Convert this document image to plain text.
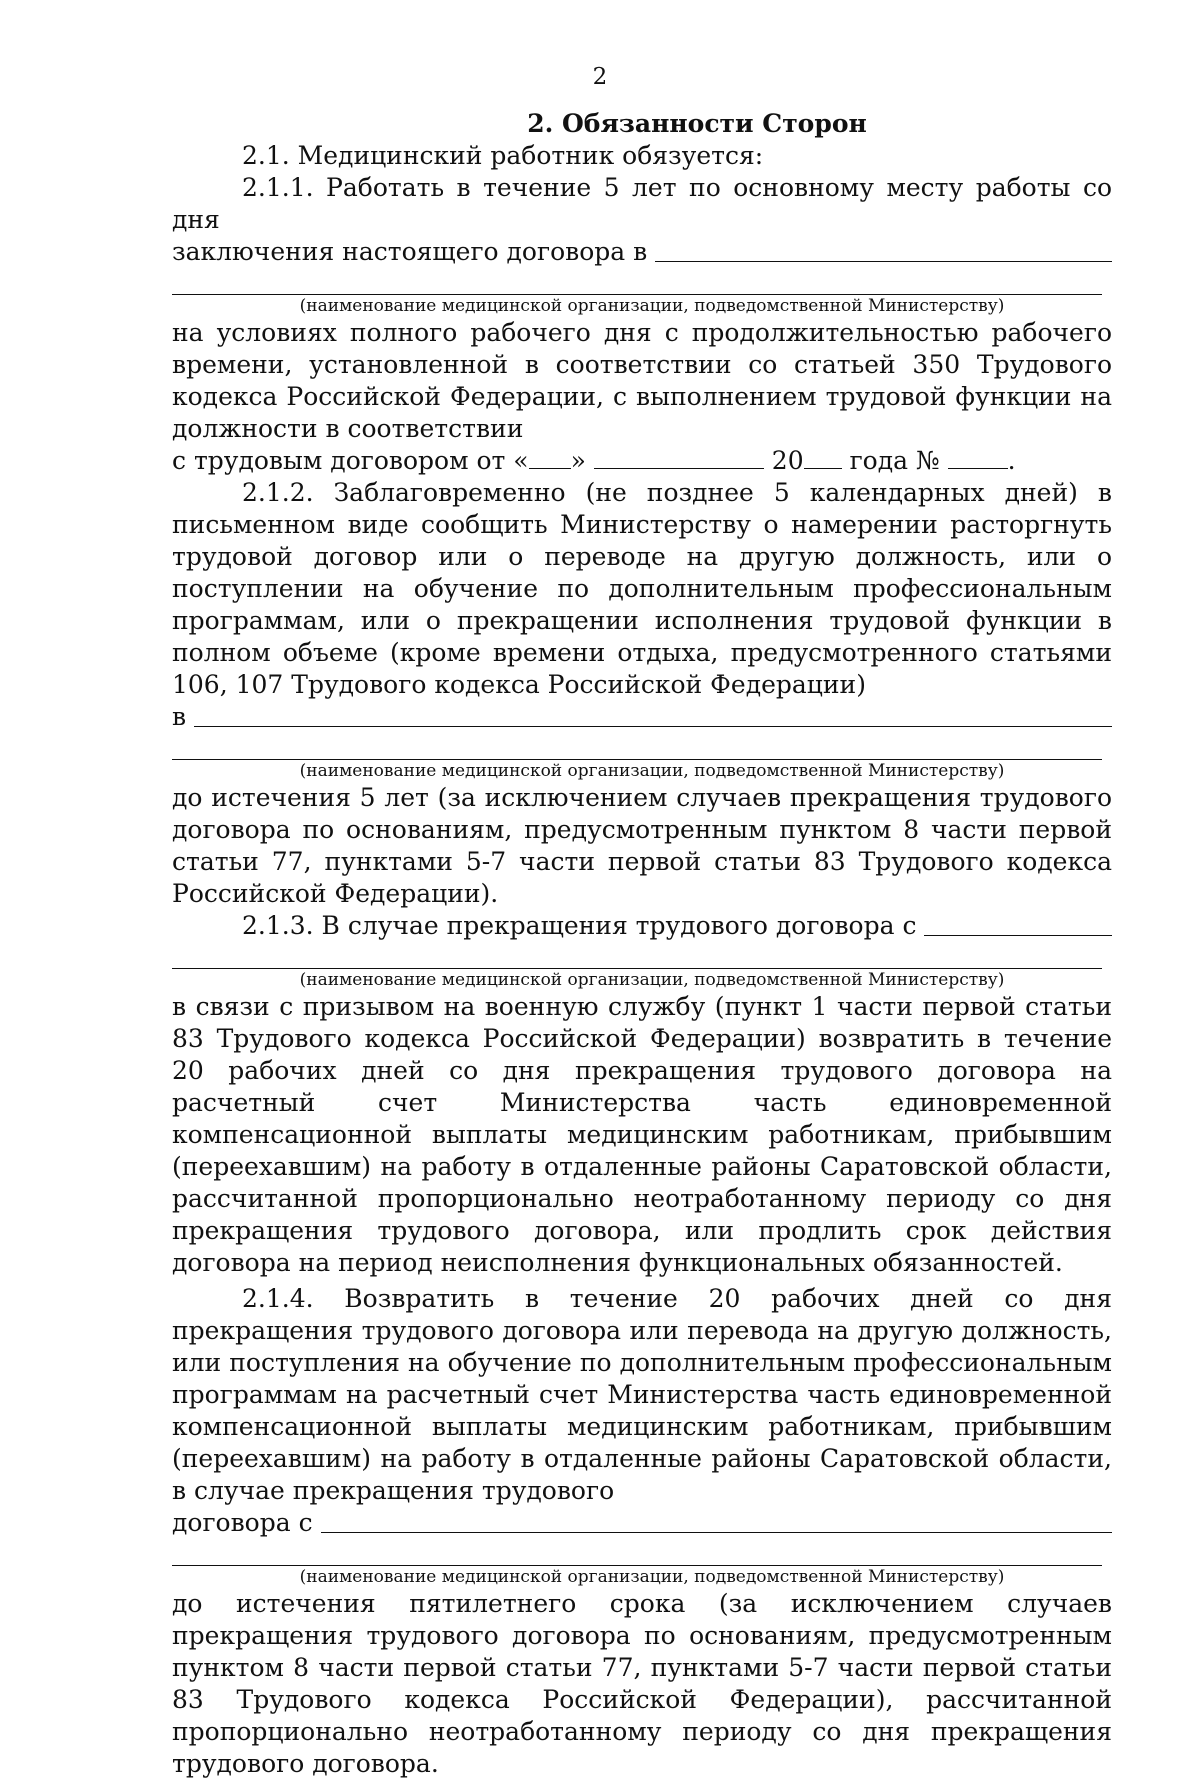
2
2. Обязанности Сторон

2.1. Медицинский работник обязуется:

2.1.1. Работать в течение 5 лет по основному месту работы со дня

заключения настоящего договора в
(наименование медицинской организации, подведомственной Министерству)

на условиях полного рабочего дня с продолжительностью рабочего времени, установленной в соответствии со статьей 350 Трудового кодекса Российской Федерации, с выполнением трудовой функции на должности в соответствии

с трудовым договором от « »	20 года №	.

2.1.2. Заблаговременно (не позднее 5 календарных дней) в письменном виде сообщить Министерству о намерении расторгнуть трудовой договор или о переводе на другую должность, или о поступлении на обучение по дополнительным профессиональным программам, или о прекращении исполнения трудовой функции в полном объеме (кроме времени отдыха, предусмотренного статьями 106, 107 Трудового кодекса Российской Федерации)

в
(наименование медицинской организации, подведомственной Министерству)

до истечения 5 лет (за исключением случаев прекращения трудового договора по основаниям, предусмотренным пунктом 8 части первой статьи 77, пунктами 5-7 части первой статьи 83 Трудового кодекса Российской Федерации).

2.1.3. В случае прекращения трудового договора с
(наименование медицинской организации, подведомственной Министерству)

в связи с призывом на военную службу (пункт 1 части первой статьи 83 Трудового кодекса Российской Федерации) возвратить в течение 20 рабочих дней со дня прекращения трудового договора на расчетный счет Министерства часть единовременной компенсационной выплаты медицинским работникам, прибывшим (переехавшим) на работу в отдаленные районы Саратовской области, рассчитанной пропорционально неотработанному периоду со дня прекращения трудового договора, или продлить срок действия договора на период неисполнения функциональных обязанностей.

2.1.4. Возвратить в течение 20 рабочих дней со дня прекращения трудового договора или перевода на другую должность, или поступления на обучение по дополнительным профессиональным программам на расчетный счет Министерства часть единовременной компенсационной выплаты медицинским работникам, прибывшим (переехавшим) на работу в отдаленные районы Саратовской области, в случае прекращения трудового

договора с
(наименование медицинской организации, подведомственной Министерству)

до истечения пятилетнего срока (за исключением случаев прекращения трудового договора по основаниям, предусмотренным пунктом 8 части первой статьи 77, пунктами 5-7 части первой статьи 83 Трудового кодекса Российской Федерации), рассчитанной пропорционально неотработанному периоду со дня прекращения трудового договора.
